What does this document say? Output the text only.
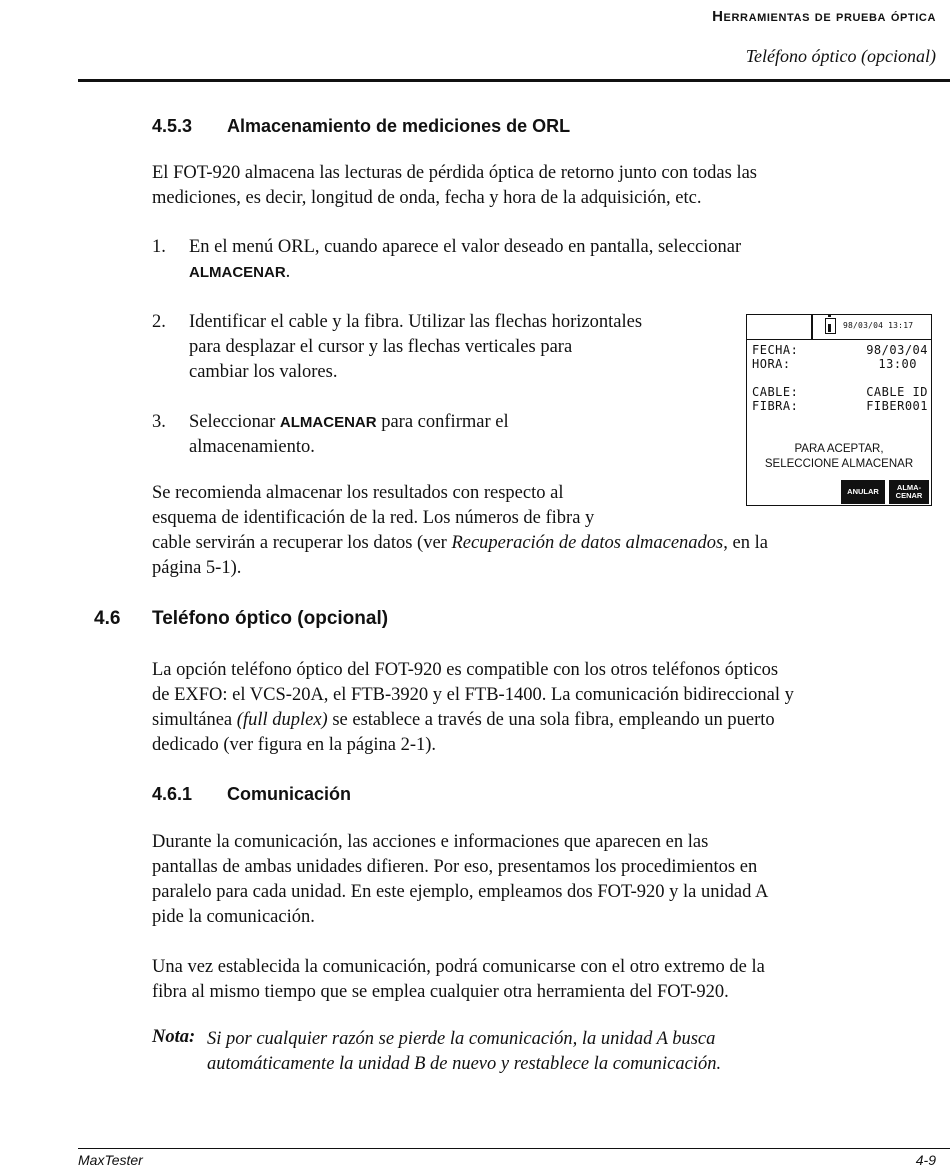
Herramientas de prueba óptica
Teléfono óptico (opcional)
4.5.3 Almacenamiento de mediciones de ORL
El FOT-920 almacena las lecturas de pérdida óptica de retorno junto con todas las
mediciones, es decir, longitud de onda, fecha y hora de la adquisición, etc.
1. En el menú ORL, cuando aparece el valor deseado en pantalla, seleccionar
ALMACENAR.
2. Identificar el cable y la fibra. Utilizar las flechas horizontales
para desplazar el cursor y las flechas verticales para
cambiar los valores.
3. Seleccionar ALMACENAR para confirmar el
almacenamiento.
Se recomienda almacenar los resultados con respecto al
esquema de identificación de la red. Los números de fibra y
cable servirán a recuperar los datos (ver Recuperación de datos almacenados, en la
página 5-1).
98/03/04 13:17
FECHA:	98/03/04
HORA:	13:00
CABLE:	CABLE ID
FIBRA:	FIBER001
PARA ACEPTAR,
SELECCIONE ALMACENAR
ANULAR	ALMA-
CENAR
4.6 Teléfono óptico (opcional)
La opción teléfono óptico del FOT-920 es compatible con los otros teléfonos ópticos
de EXFO: el VCS-20A, el FTB-3920 y el FTB-1400. La comunicación bidireccional y
simultánea (full duplex) se establece a través de una sola fibra, empleando un puerto
dedicado (ver figura en la página 2-1).
4.6.1 Comunicación
Durante la comunicación, las acciones e informaciones que aparecen en las
pantallas de ambas unidades difieren. Por eso, presentamos los procedimientos en
paralelo para cada unidad. En este ejemplo, empleamos dos FOT-920 y la unidad A
pide la comunicación.
Una vez establecida la comunicación, podrá comunicarse con el otro extremo de la
fibra al mismo tiempo que se emplea cualquier otra herramienta del FOT-920.
Nota: Si por cualquier razón se pierde la comunicación, la unidad A busca
automáticamente la unidad B de nuevo y restablece la comunicación.
MaxTester	4-9
